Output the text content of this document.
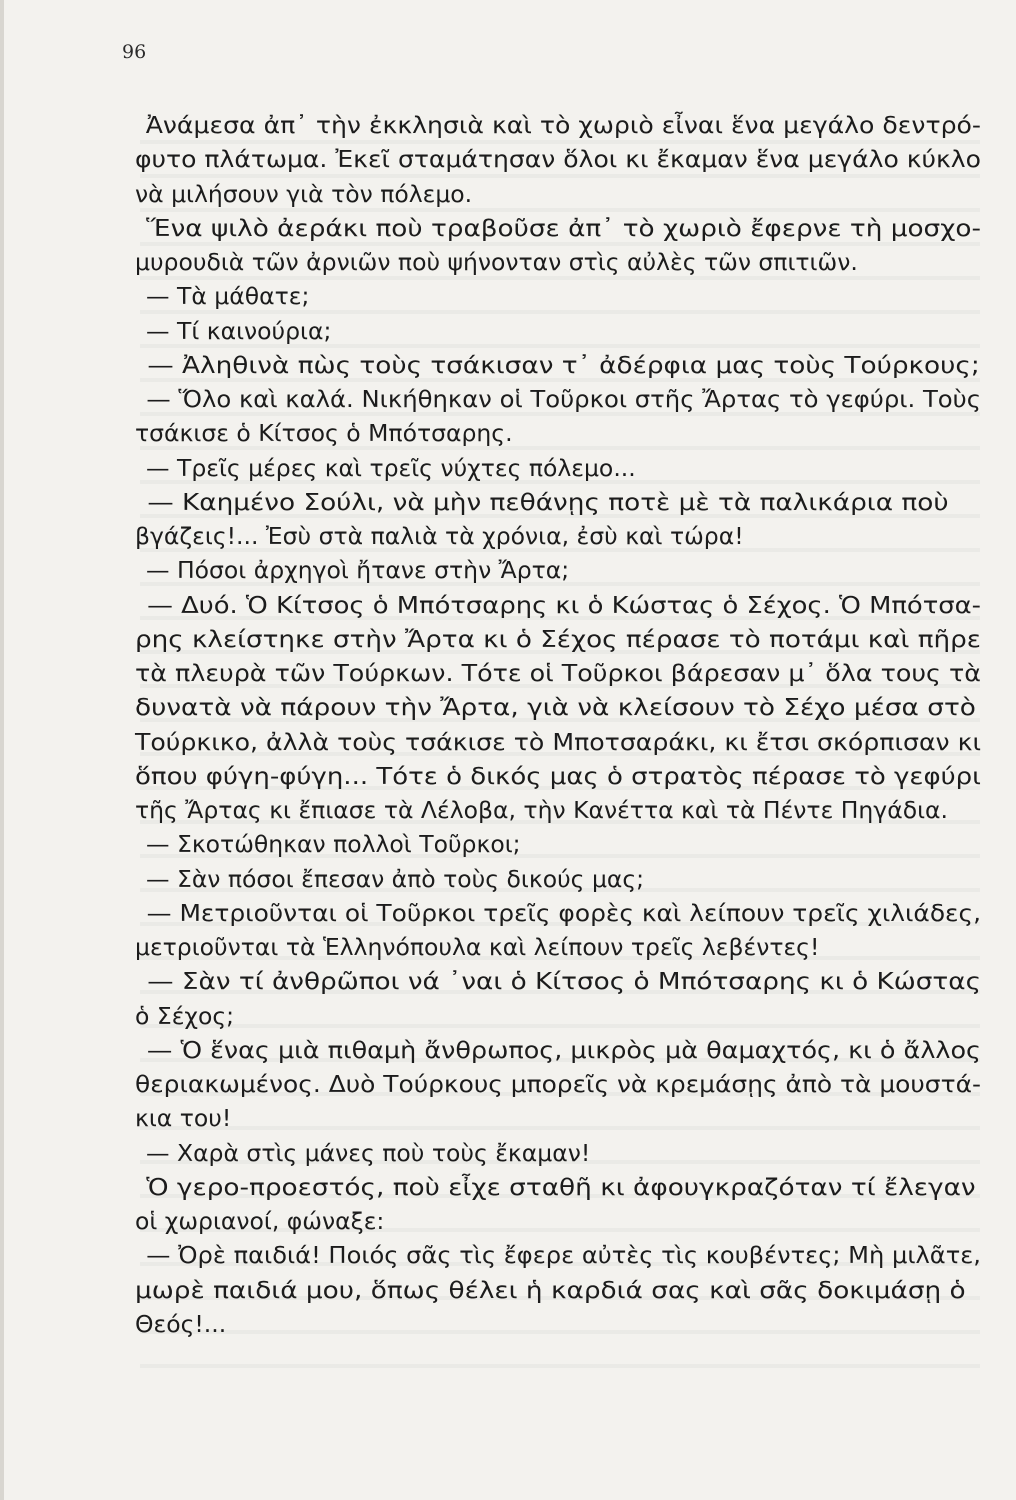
96
Ἀνάμεσα ἀπ᾽ τὴν ἐκκλησιὰ καὶ τὸ χωριὸ εἶναι ἕνα μεγάλο δεντρό-
φυτο πλάτωμα. Ἐκεῖ σταμάτησαν ὅλοι κι ἔκαμαν ἕνα μεγάλο κύκλο
νὰ μιλήσουν γιὰ τὸν πόλεμο.
Ἕνα ψιλὸ ἀεράκι ποὺ τραβοῦσε ἀπ᾽ τὸ χωριὸ ἔφερνε τὴ μοσχο-
μυρουδιὰ τῶν ἀρνιῶν ποὺ ψήνονταν στὶς αὐλὲς τῶν σπιτιῶν.
— Τὰ μάθατε;
— Τί καινούρια;
— Ἀληθινὰ πὼς τοὺς τσάκισαν τ᾽ ἀδέρφια μας τοὺς Τούρκους;
— Ὅλο καὶ καλά. Νικήθηκαν οἱ Τοῦρκοι στῆς Ἄρτας τὸ γεφύρι. Τοὺς
τσάκισε ὁ Κίτσος ὁ Μπότσαρης.
— Τρεῖς μέρες καὶ τρεῖς νύχτες πόλεμο...
— Καημένο Σούλι, νὰ μὴν πεθάνῃς ποτὲ μὲ τὰ παλικάρια ποὺ
βγάζεις!... Ἐσὺ στὰ παλιὰ τὰ χρόνια, ἐσὺ καὶ τώρα!
— Πόσοι ἀρχηγοὶ ἤτανε στὴν Ἄρτα;
— Δυό. Ὁ Κίτσος ὁ Μπότσαρης κι ὁ Κώστας ὁ Σέχος. Ὁ Μπότσα-
ρης κλείστηκε στὴν Ἄρτα κι ὁ Σέχος πέρασε τὸ ποτάμι καὶ πῆρε
τὰ πλευρὰ τῶν Τούρκων. Τότε οἱ Τοῦρκοι βάρεσαν μ᾽ ὅλα τους τὰ
δυνατὰ νὰ πάρουν τὴν Ἄρτα, γιὰ νὰ κλείσουν τὸ Σέχο μέσα στὸ
Τούρκικο, ἀλλὰ τοὺς τσάκισε τὸ Μποτσαράκι, κι ἔτσι σκόρπισαν κι
ὅπου φύγη-φύγη... Τότε ὁ δικός μας ὁ στρατὸς πέρασε τὸ γεφύρι
τῆς Ἄρτας κι ἔπιασε τὰ Λέλοβα, τὴν Κανέττα καὶ τὰ Πέντε Πηγάδια.
— Σκοτώθηκαν πολλοὶ Τοῦρκοι;
— Σὰν πόσοι ἔπεσαν ἀπὸ τοὺς δικούς μας;
— Μετριοῦνται οἱ Τοῦρκοι τρεῖς φορὲς καὶ λείπουν τρεῖς χιλιάδες,
μετριοῦνται τὰ Ἑλληνόπουλα καὶ λείπουν τρεῖς λεβέντες!
— Σὰν τί ἀνθρῶποι νά ᾽ναι ὁ Κίτσος ὁ Μπότσαρης κι ὁ Κώστας
ὁ Σέχος;
— Ὁ ἕνας μιὰ πιθαμὴ ἄνθρωπος, μικρὸς μὰ θαμαχτός, κι ὁ ἄλλος
θεριακωμένος. Δυὸ Τούρκους μπορεῖς νὰ κρεμάσῃς ἀπὸ τὰ μουστά-
κια του!
— Χαρὰ στὶς μάνες ποὺ τοὺς ἔκαμαν!
Ὁ γερο-προεστός, ποὺ εἶχε σταθῆ κι ἀφουγκραζόταν τί ἔλεγαν
οἱ χωριανοί, φώναξε:
— Ὀρὲ παιδιά! Ποιός σᾶς τὶς ἔφερε αὐτὲς τὶς κουβέντες; Μὴ μιλᾶτε,
μωρὲ παιδιά μου, ὅπως θέλει ἡ καρδιά σας καὶ σᾶς δοκιμάσῃ ὁ
Θεός!...
